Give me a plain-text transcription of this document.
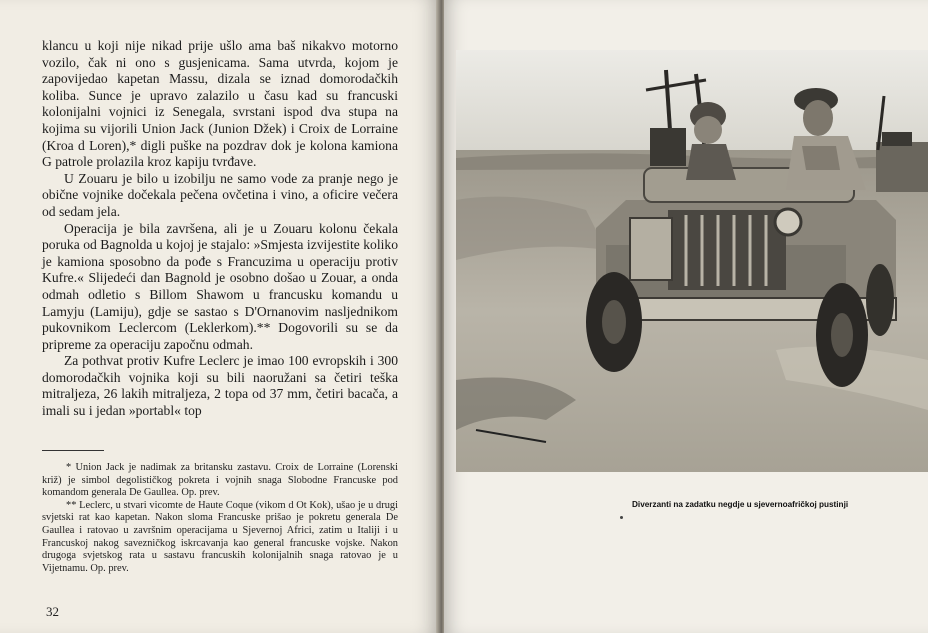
klancu u koji nije nikad prije ušlo ama baš nikakvo motorno vozilo, čak ni ono s gusjenicama. Sama utvrda, kojom je zapovijedao kapetan Massu, dizala se iznad domorodačkih koliba. Sunce je upravo zalazilo u času kad su francuski kolonijalni vojnici iz Senegala, svrstani ispod dva stupa na kojima su vijorili Union Jack (Junion Džek) i Croix de Lorraine (Kroa d Loren),* digli puške na pozdrav dok je kolona kamiona G patrole prolazila kroz kapiju tvrđave.

U Zouaru je bilo u izobilju ne samo vode za pranje nego je obične vojnike dočekala pečena ovčetina i vino, a oficire večera od sedam jela.

Operacija je bila završena, ali je u Zouaru kolonu čekala poruka od Bagnolda u kojoj je stajalo: »Smjesta izvijestite koliko je kamiona sposobno da pođe s Francuzima u operaciju protiv Kufre.« Slijedeći dan Bagnold je osobno došao u Zouar, a onda odmah odletio s Billom Shawom u francusku komandu u Lamyju (Lamiju), gdje se sastao s D'Ornanovim nasljednikom pukovnikom Leclercom (Leklerkom).** Dogovorili su se da pripreme za operaciju započnu odmah.

Za pothvat protiv Kufre Leclerc je imao 100 evropskih i 300 domorodačkih vojnika koji su bili naoružani sa četiri teška mitraljeza, 26 lakih mitraljeza, 2 topa od 37 mm, četiri bacača, a imali su i jedan »portabl« top

* Union Jack je nadimak za britansku zastavu. Croix de Lorraine (Lorenski križ) je simbol degolističkog pokreta i vojnih snaga Slobodne Francuske pod komandom generala De Gaullea. Op. prev.

** Leclerc, u stvari vicomte de Haute Coque (vikom d Ot Kok), ušao je u drugi svjetski rat kao kapetan. Nakon sloma Francuske prišao je pokretu generala De Gaullea i ratovao u završnim operacijama u Sjevernoj Africi, zatim u Italiji i u Francuskoj nakog savezničkog iskrcavanja kao general francuske vojske. Nakon drugoga svjetskog rata u sastavu francuskih kolonijalnih snaga ratovao je u Vijetnamu. Op. prev.

32
Diverzanti na zadatku negdje u sjevernoafričkoj pustinji
